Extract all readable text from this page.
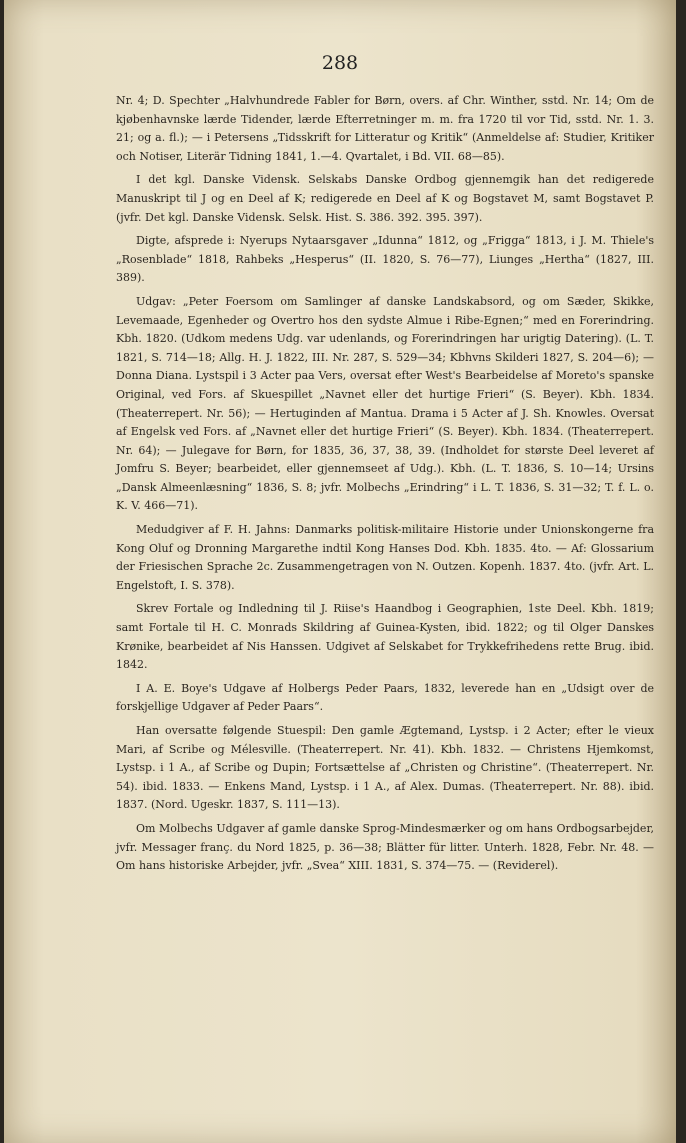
288

Nr. 4; D. Spechter „Halvhundrede Fabler for Børn, overs. af Chr. Winther, sstd. Nr. 14; Om de kjøbenhavnske lærde Tidender, lærde Efterretninger m. m. fra 1720 til vor Tid, sstd. Nr. 1. 3. 21; og a. fl.); — i Petersens „Tidsskrift for Litteratur og Kritik“ (Anmeldelse af: Studier, Kritiker och Notiser, Literär Tidning 1841, 1.—4. Qvartalet, i Bd. VII. 68—85).

I det kgl. Danske Vidensk. Selskabs Danske Ordbog gjennemgik han det redigerede Manuskript til J og en Deel af K; redigerede en Deel af K og Bogstavet M, samt Bogstavet P. (jvfr. Det kgl. Danske Vidensk. Selsk. Hist. S. 386. 392. 395. 397).

Digte, afsprede i: Nyerups Nytaarsgaver „Idunna“ 1812, og „Frigga“ 1813, i J. M. Thiele's „Rosenblade“ 1818, Rahbeks „Hesperus“ (II. 1820, S. 76—77), Liunges „Hertha“ (1827, III. 389).

Udgav: „Peter Foersom om Samlinger af danske Landskabsord, og om Sæder, Skikke, Levemaade, Egenheder og Overtro hos den sydste Almue i Ribe-Egnen;“ med en Forerindring. Kbh. 1820. (Udkom medens Udg. var udenlands, og Forerindringen har urigtig Datering). (L. T. 1821, S. 714—18; Allg. H. J. 1822, III. Nr. 287, S. 529—34; Kbhvns Skilderi 1827, S. 204—6); — Donna Diana. Lystspil i 3 Acter paa Vers, oversat efter West's Bearbeidelse af Moreto's spanske Original, ved Fors. af Skuespillet „Navnet eller det hurtige Frieri“ (S. Beyer). Kbh. 1834. (Theaterrepert. Nr. 56); — Hertuginden af Mantua. Drama i 5 Acter af J. Sh. Knowles. Oversat af Engelsk ved Fors. af „Navnet eller det hurtige Frieri“ (S. Beyer). Kbh. 1834. (Theaterrepert. Nr. 64); — Julegave for Børn, for 1835, 36, 37, 38, 39. (Indholdet for største Deel leveret af Jomfru S. Beyer; bearbeidet, eller gjennemseet af Udg.). Kbh. (L. T. 1836, S. 10—14; Ursins „Dansk Almeenlæsning“ 1836, S. 8; jvfr. Molbechs „Erindring“ i L. T. 1836, S. 31—32; T. f. L. o. K. V. 466—71).

Medudgiver af F. H. Jahns: Danmarks politisk-militaire Historie under Unionskongerne fra Kong Oluf og Dronning Margarethe indtil Kong Hanses Dod. Kbh. 1835. 4to. — Af: Glossarium der Friesischen Sprache 2c. Zusammengetragen von N. Outzen. Kopenh. 1837. 4to. (jvfr. Art. L. Engelstoft, I. S. 378).

Skrev Fortale og Indledning til J. Riise's Haandbog i Geographien, 1ste Deel. Kbh. 1819; samt Fortale til H. C. Monrads Skildring af Guinea-Kysten, ibid. 1822; og til Olger Danskes Krønike, bearbeidet af Nis Hanssen. Udgivet af Selskabet for Trykkefrihedens rette Brug. ibid. 1842.

I A. E. Boye's Udgave af Holbergs Peder Paars, 1832, leverede han en „Udsigt over de forskjellige Udgaver af Peder Paars“.

Han oversatte følgende Stuespil: Den gamle Ægtemand, Lystsp. i 2 Acter; efter le vieux Mari, af Scribe og Mélesville. (Theaterrepert. Nr. 41). Kbh. 1832. — Christens Hjemkomst, Lystsp. i 1 A., af Scribe og Dupin; Fortsættelse af „Christen og Christine“. (Theaterrepert. Nr. 54). ibid. 1833. — Enkens Mand, Lystsp. i 1 A., af Alex. Dumas. (Theaterrepert. Nr. 88). ibid. 1837. (Nord. Ugeskr. 1837, S. 111—13).

Om Molbechs Udgaver af gamle danske Sprog-Mindesmærker og om hans Ordbogsarbejder, jvfr. Messager franç. du Nord 1825, p. 36—38; Blätter für litter. Unterh. 1828, Febr. Nr. 48. — Om hans historiske Arbejder, jvfr. „Svea“ XIII. 1831, S. 374—75. — (Reviderel).
